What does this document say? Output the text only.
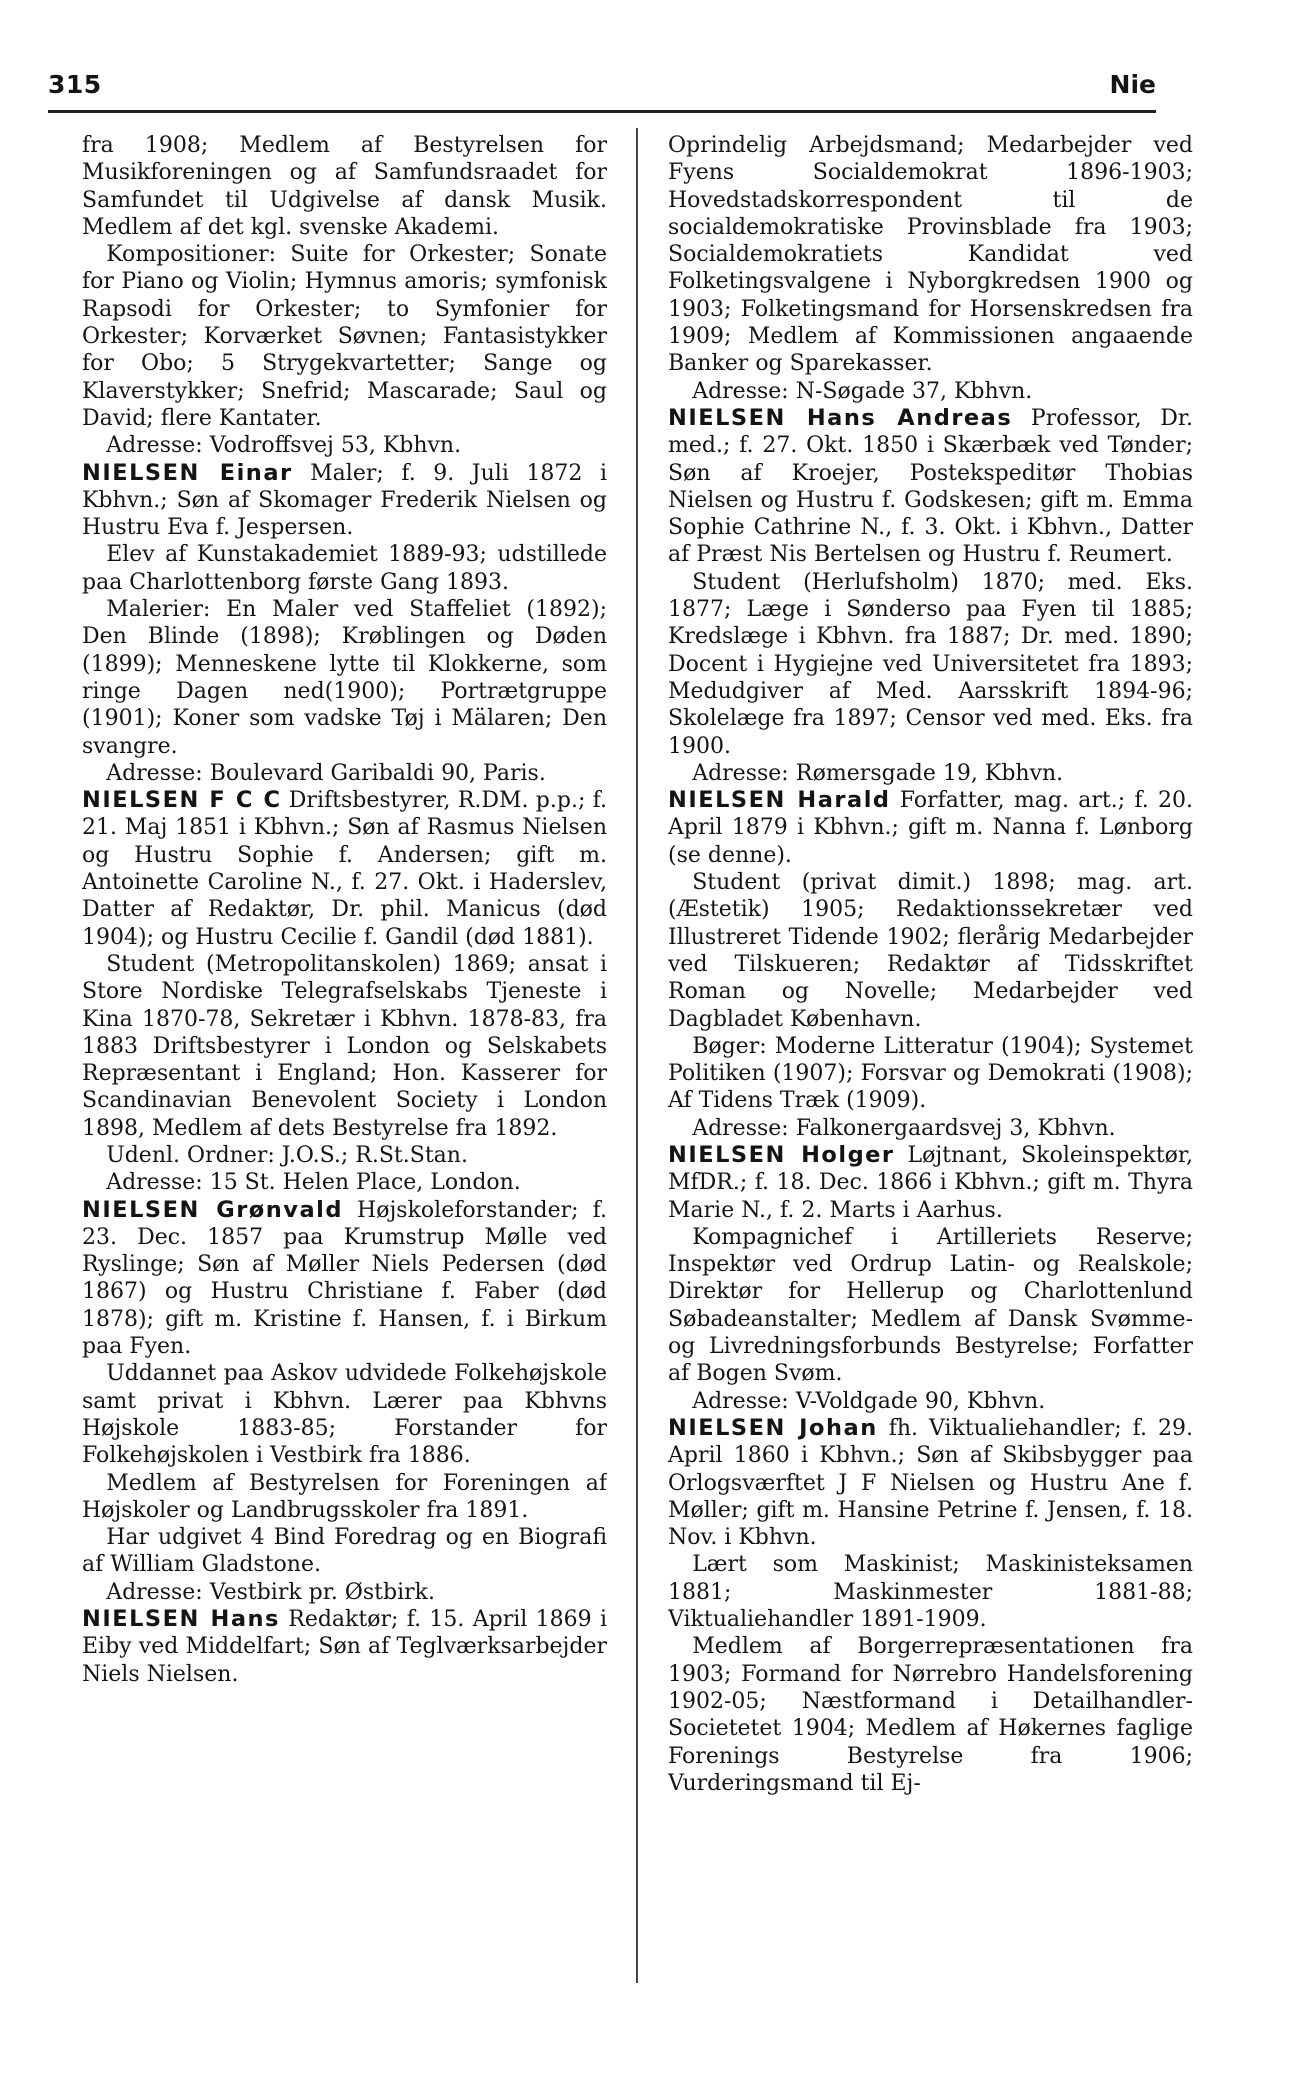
315	Nie

fra 1908; Medlem af Bestyrelsen for Musikforeningen og af Samfundsraadet for Samfundet til Udgivelse af dansk Musik. Medlem af det kgl. svenske Akademi.

Kompositioner: Suite for Orkester; Sonate for Piano og Violin; Hymnus amoris; symfonisk Rapsodi for Orkester; to Symfonier for Orkester; Korværket Søvnen; Fantasistykker for Obo; 5 Strygekvartetter; Sange og Klaverstykker; Snefrid; Mascarade; Saul og David; flere Kantater.

Adresse: Vodroffsvej 53, Kbhvn.

NIELSEN Einar Maler; f. 9. Juli 1872 i Kbhvn.; Søn af Skomager Frederik Nielsen og Hustru Eva f. Jespersen.

Elev af Kunstakademiet 1889-93; udstillede paa Charlottenborg første Gang 1893.

Malerier: En Maler ved Staffeliet (1892); Den Blinde (1898); Krøblingen og Døden (1899); Menneskene lytte til Klokkerne, som ringe Dagen ned(1900); Portrætgruppe (1901); Koner som vadske Tøj i Mälaren; Den svangre.

Adresse: Boulevard Garibaldi 90, Paris.

NIELSEN F C C Driftsbestyrer, R.DM. p.p.; f. 21. Maj 1851 i Kbhvn.; Søn af Rasmus Nielsen og Hustru Sophie f. Andersen; gift m. Antoinette Caroline N., f. 27. Okt. i Haderslev, Datter af Redaktør, Dr. phil. Manicus (død 1904); og Hustru Cecilie f. Gandil (død 1881).

Student (Metropolitanskolen) 1869; ansat i Store Nordiske Telegrafselskabs Tjeneste i Kina 1870-78, Sekretær i Kbhvn. 1878-83, fra 1883 Driftsbestyrer i London og Selskabets Repræsentant i England; Hon. Kasserer for Scandinavian Benevolent Society i London 1898, Medlem af dets Bestyrelse fra 1892.

Udenl. Ordner: J.O.S.; R.St.Stan.

Adresse: 15 St. Helen Place, London.

NIELSEN Grønvald Højskoleforstander; f. 23. Dec. 1857 paa Krumstrup Mølle ved Ryslinge; Søn af Møller Niels Pedersen (død 1867) og Hustru Christiane f. Faber (død 1878); gift m. Kristine f. Hansen, f. i Birkum paa Fyen.

Uddannet paa Askov udvidede Folkehøjskole samt privat i Kbhvn. Lærer paa Kbhvns Højskole 1883-85; Forstander for Folkehøjskolen i Vestbirk fra 1886.

Medlem af Bestyrelsen for Foreningen af Højskoler og Landbrugsskoler fra 1891.

Har udgivet 4 Bind Foredrag og en Biografi af William Gladstone.

Adresse: Vestbirk pr. Østbirk.

NIELSEN Hans Redaktør; f. 15. April 1869 i Eiby ved Middelfart; Søn af Teglværksarbejder Niels Nielsen.

Oprindelig Arbejdsmand; Medarbejder ved Fyens Socialdemokrat 1896-1903; Hovedstadskorrespondent til de socialdemokratiske Provinsblade fra 1903; Socialdemokratiets Kandidat ved Folketingsvalgene i Nyborgkredsen 1900 og 1903; Folketingsmand for Horsenskredsen fra 1909; Medlem af Kommissionen angaaende Banker og Sparekasser.

Adresse: N-Søgade 37, Kbhvn.

NIELSEN Hans Andreas Professor, Dr. med.; f. 27. Okt. 1850 i Skærbæk ved Tønder; Søn af Kroejer, Postekspeditør Thobias Nielsen og Hustru f. Godskesen; gift m. Emma Sophie Cathrine N., f. 3. Okt. i Kbhvn., Datter af Præst Nis Bertelsen og Hustru f. Reumert.

Student (Herlufsholm) 1870; med. Eks. 1877; Læge i Sønderso paa Fyen til 1885; Kredslæge i Kbhvn. fra 1887; Dr. med. 1890; Docent i Hygiejne ved Universitetet fra 1893; Medudgiver af Med. Aarsskrift 1894-96; Skolelæge fra 1897; Censor ved med. Eks. fra 1900.

Adresse: Rømersgade 19, Kbhvn.

NIELSEN Harald Forfatter, mag. art.; f. 20. April 1879 i Kbhvn.; gift m. Nanna f. Lønborg (se denne).

Student (privat dimit.) 1898; mag. art. (Æstetik) 1905; Redaktionssekretær ved Illustreret Tidende 1902; flerårig Medarbejder ved Tilskueren; Redaktør af Tidsskriftet Roman og Novelle; Medarbejder ved Dagbladet København.

Bøger: Moderne Litteratur (1904); Systemet Politiken (1907); Forsvar og Demokrati (1908); Af Tidens Træk (1909).

Adresse: Falkonergaardsvej 3, Kbhvn.

NIELSEN Holger Løjtnant, Skoleinspektør, MfDR.; f. 18. Dec. 1866 i Kbhvn.; gift m. Thyra Marie N., f. 2. Marts i Aarhus.

Kompagnichef i Artilleriets Reserve; Inspektør ved Ordrup Latin- og Realskole; Direktør for Hellerup og Charlottenlund Søbadeanstalter; Medlem af Dansk Svømme- og Livredningsforbunds Bestyrelse; Forfatter af Bogen Svøm.

Adresse: V-Voldgade 90, Kbhvn.

NIELSEN Johan fh. Viktualiehandler; f. 29. April 1860 i Kbhvn.; Søn af Skibsbygger paa Orlogsværftet J F Nielsen og Hustru Ane f. Møller; gift m. Hansine Petrine f. Jensen, f. 18. Nov. i Kbhvn.

Lært som Maskinist; Maskinisteksamen 1881; Maskinmester 1881-88; Viktualiehandler 1891-1909.

Medlem af Borgerrepræsentationen fra 1903; Formand for Nørrebro Handelsforening 1902-05; Næstformand i Detailhandler-Societetet 1904; Medlem af Høkernes faglige Forenings Bestyrelse fra 1906; Vurderingsmand til Ej-
